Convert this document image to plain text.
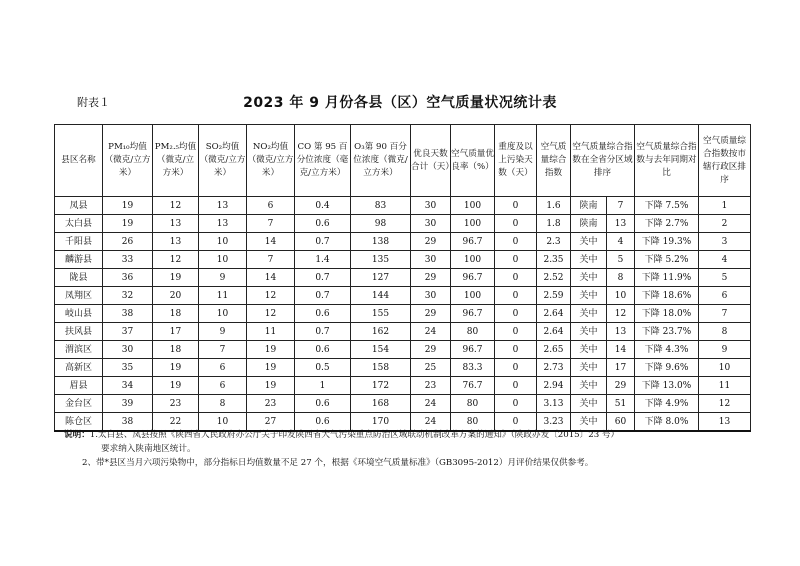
附表１	2023 年 9 月份各县（区）空气质量状况统计表
县区名称	PM₁₀均值（微克/立方米）	PM₂.₅均值（微克/立方米）	SO₂均值（微克/立方米）	NO₂均值（微克/立方米）	CO 第 95 百分位浓度（毫克/立方米）	O₃第 90 百分位浓度（微克/立方米）	优良天数合计（天）	空气质量优良率（%）	重度及以上污染天数（天）	空气质量综合指数	空气质量综合指数在全省分区域排序		空气质量综合指数与去年同期对比	空气质量综合指数按市辖行政区排序
凤县	19	12	13	6	0.4	83	30	100	0	1.6	陕南	7	下降 7.5%	1
太白县	19	13	13	7	0.6	98	30	100	0	1.8	陕南	13	下降 2.7%	2
千阳县	26	13	10	14	0.7	138	29	96.7	0	2.3	关中	4	下降 19.3%	3
麟游县	33	12	10	7	1.4	135	30	100	0	2.35	关中	5	下降 5.2%	4
陇县	36	19	9	14	0.7	127	29	96.7	0	2.52	关中	8	下降 11.9%	5
凤翔区	32	20	11	12	0.7	144	30	100	0	2.59	关中	10	下降 18.6%	6
岐山县	38	18	10	12	0.6	155	29	96.7	0	2.64	关中	12	下降 18.0%	7
扶风县	37	17	9	11	0.7	162	24	80	0	2.64	关中	13	下降 23.7%	8
渭滨区	30	18	7	19	0.6	154	29	96.7	0	2.65	关中	14	下降 4.3%	9
高新区	35	19	6	19	0.5	158	25	83.3	0	2.73	关中	17	下降 9.6%	10
眉县	34	19	6	19	1	172	23	76.7	0	2.94	关中	29	下降 13.0%	11
金台区	39	23	8	23	0.6	168	24	80	0	3.13	关中	51	下降 4.9%	12
陈仓区	38	22	10	27	0.6	170	24	80	0	3.23	关中	60	下降 8.0%	13
说明：1.太白县、凤县按照《陕西省人民政府办公厅关于印发陕西省大气污染重点防治区域联动机制改革方案的通知》（陕政办发〔2015〕23 号）
要求纳入陕南地区统计。
2、带*县区当月六项污染物中，部分指标日均值数量不足 27 个，根据《环境空气质量标准》（GB3095-2012）月评价结果仅供参考。
